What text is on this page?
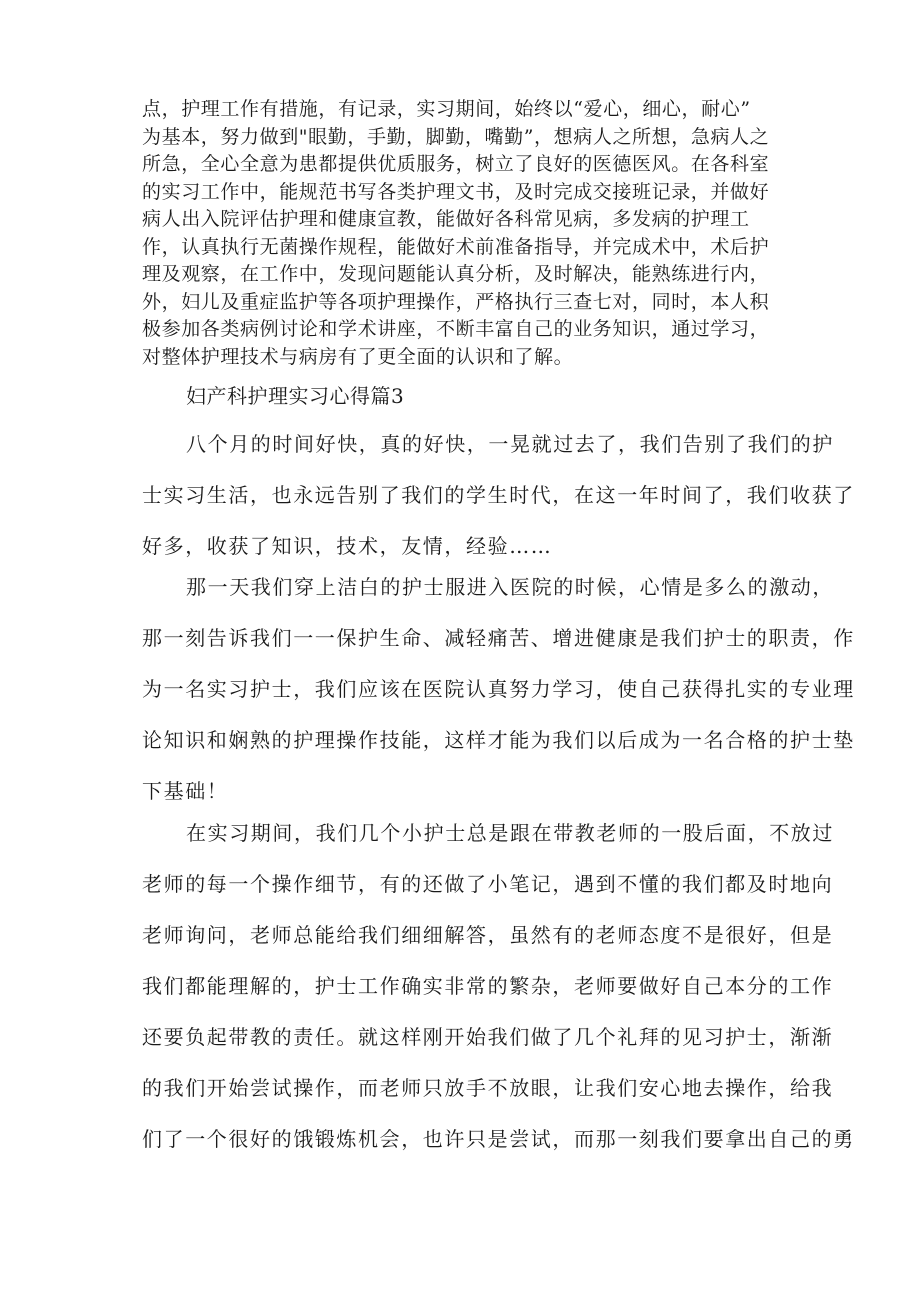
点，护理工作有措施，有记录，实习期间，始终以“爱心，细心，耐心”
为基本，努力做到"眼勤，手勤，脚勤，嘴勤”，想病人之所想，急病人之
所急，全心全意为患都提供优质服务，树立了良好的医德医风。在各科室
的实习工作中，能规范书写各类护理文书，及时完成交接班记录，并做好
病人出入院评估护理和健康宣教，能做好各科常见病，多发病的护理工
作，认真执行无菌操作规程，能做好术前准备指导，并完成术中，术后护
理及观察，在工作中，发现问题能认真分析，及时解决，能熟练进行内，
外，妇儿及重症监护等各项护理操作，严格执行三查七对，同时，本人积
极参加各类病例讨论和学术讲座，不断丰富自己的业务知识，通过学习，
对整体护理技术与病房有了更全面的认识和了解。
妇产科护理实习心得篇3
八个月的时间好快，真的好快，一晃就过去了，我们告别了我们的护
士实习生活，也永远告别了我们的学生时代，在这一年时间了，我们收获了
好多，收获了知识，技术，友情，经验……
那一天我们穿上洁白的护士服进入医院的时候，心情是多么的激动，
那一刻告诉我们一一保护生命、减轻痛苦、增进健康是我们护士的职责，作
为一名实习护士，我们应该在医院认真努力学习，使自己获得扎实的专业理
论知识和娴熟的护理操作技能，这样才能为我们以后成为一名合格的护士垫
下基础！
在实习期间，我们几个小护士总是跟在带教老师的一股后面，不放过
老师的每一个操作细节，有的还做了小笔记，遇到不懂的我们都及时地向
老师询问，老师总能给我们细细解答，虽然有的老师态度不是很好，但是
我们都能理解的，护士工作确实非常的繁杂，老师要做好自己本分的工作
还要负起带教的责任。就这样刚开始我们做了几个礼拜的见习护士，渐渐
的我们开始尝试操作，而老师只放手不放眼，让我们安心地去操作，给我
们了一个很好的饿锻炼机会，也许只是尝试，而那一刻我们要拿出自己的勇
